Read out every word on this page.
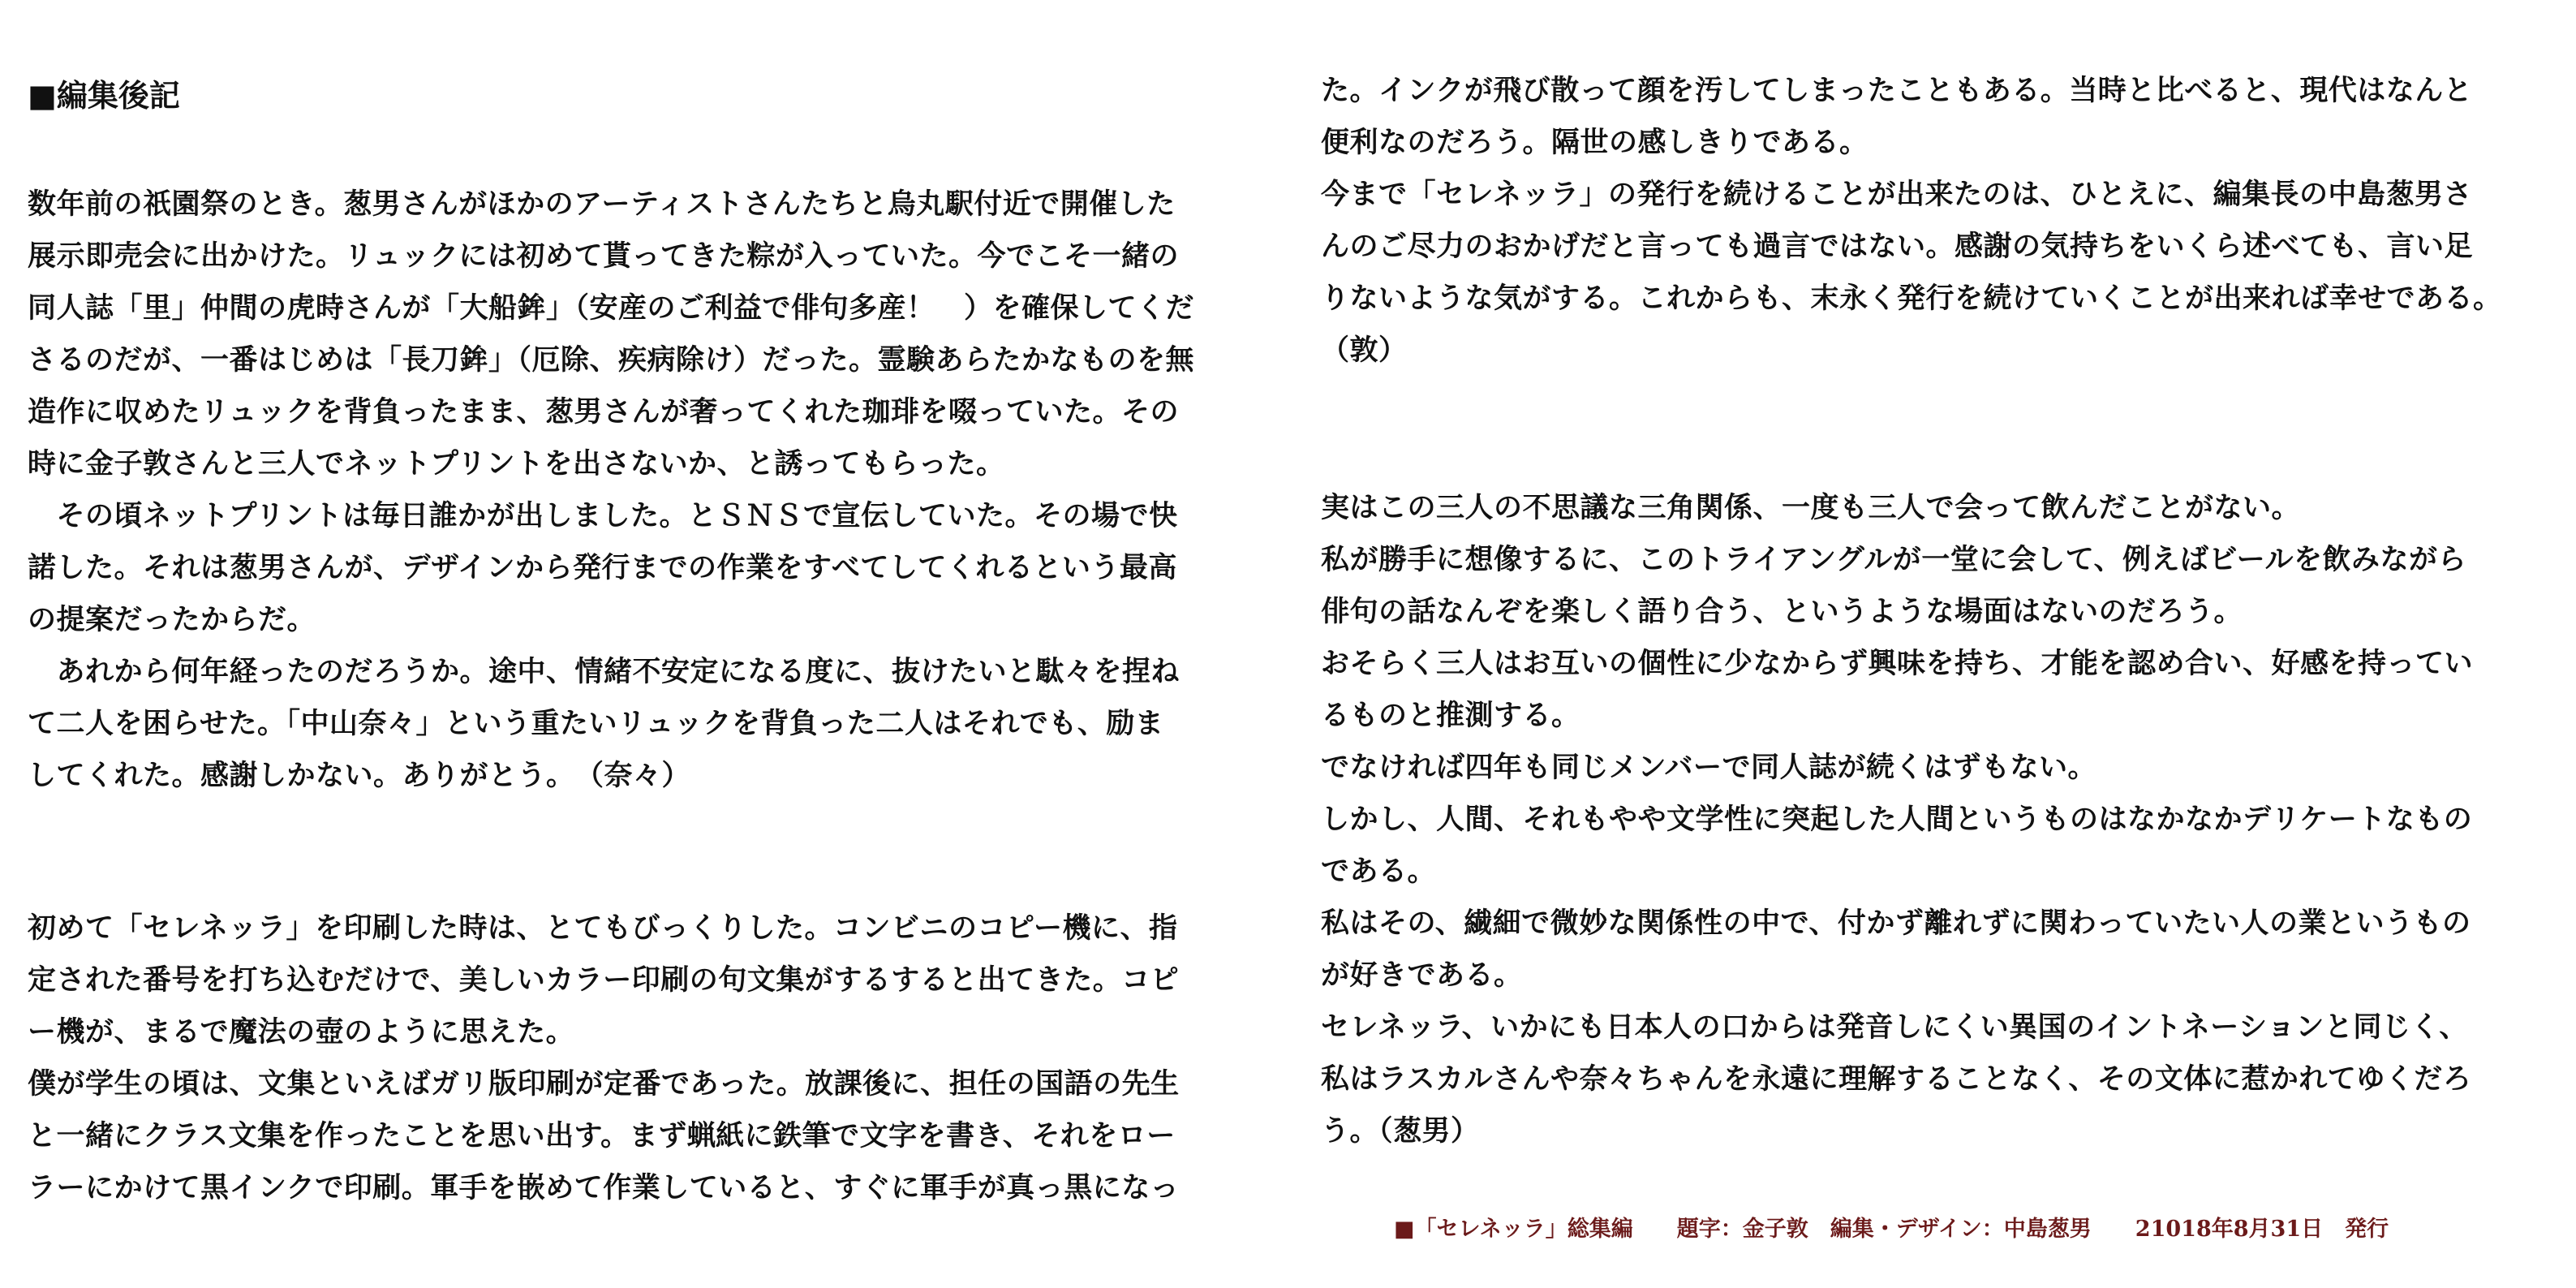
■編集後記
数年前の祇園祭のとき。葱男さんがほかのアーティストさんたちと烏丸駅付近で開催した
展示即売会に出かけた。リュックには初めて貰ってきた粽が入っていた。今でこそ一緒の
同人誌「里」仲間の虎時さんが「大船鉾」（安産のご利益で俳句多産！　）を確保してくだ
さるのだが、一番はじめは「長刀鉾」（厄除、疾病除け）だった。霊験あらたかなものを無
造作に収めたリュックを背負ったまま、葱男さんが奢ってくれた珈琲を啜っていた。その
時に金子敦さんと三人でネットプリントを出さないか、と誘ってもらった。
　その頃ネットプリントは毎日誰かが出しました。とＳＮＳで宣伝していた。その場で快
諾した。それは葱男さんが、デザインから発行までの作業をすべてしてくれるという最高
の提案だったからだ。
　あれから何年経ったのだろうか。途中、情緒不安定になる度に、抜けたいと駄々を捏ね
て二人を困らせた。「中山奈々」という重たいリュックを背負った二人はそれでも、励ま
してくれた。感謝しかない。ありがとう。　（奈々）
初めて「セレネッラ」を印刷した時は、とてもびっくりした。コンビニのコピー機に、指
定された番号を打ち込むだけで、美しいカラー印刷の句文集がするすると出てきた。コピ
ー機が、まるで魔法の壺のように思えた。
僕が学生の頃は、文集といえばガリ版印刷が定番であった。放課後に、担任の国語の先生
と一緒にクラス文集を作ったことを思い出す。まず蝋紙に鉄筆で文字を書き、それをロー
ラーにかけて黒インクで印刷。軍手を嵌めて作業していると、すぐに軍手が真っ黒になっ
た。インクが飛び散って顔を汚してしまったこともある。当時と比べると、現代はなんと
便利なのだろう。隔世の感しきりである。
今まで「セレネッラ」の発行を続けることが出来たのは、ひとえに、編集長の中島葱男さ
んのご尽力のおかげだと言っても過言ではない。感謝の気持ちをいくら述べても、言い足
りないような気がする。これからも、末永く発行を続けていくことが出来れば幸せである。
（敦）
実はこの三人の不思議な三角関係、一度も三人で会って飲んだことがない。
私が勝手に想像するに、このトライアングルが一堂に会して、例えばビールを飲みながら
俳句の話なんぞを楽しく語り合う、というような場面はないのだろう。
おそらく三人はお互いの個性に少なからず興味を持ち、才能を認め合い、好感を持ってい
るものと推測する。
でなければ四年も同じメンバーで同人誌が続くはずもない。
しかし、人間、それもやや文学性に突起した人間というものはなかなかデリケートなもの
である。
私はその、繊細で微妙な関係性の中で、付かず離れずに関わっていたい人の業というもの
が好きである。
セレネッラ、いかにも日本人の口からは発音しにくい異国のイントネーションと同じく、
私はラスカルさんや奈々ちゃんを永遠に理解することなく、その文体に惹かれてゆくだろ
う。（葱男）
■「セレネッラ」総集編　　題字：金子敦　編集・デザイン：中島葱男　　21018年8月31日　発行
